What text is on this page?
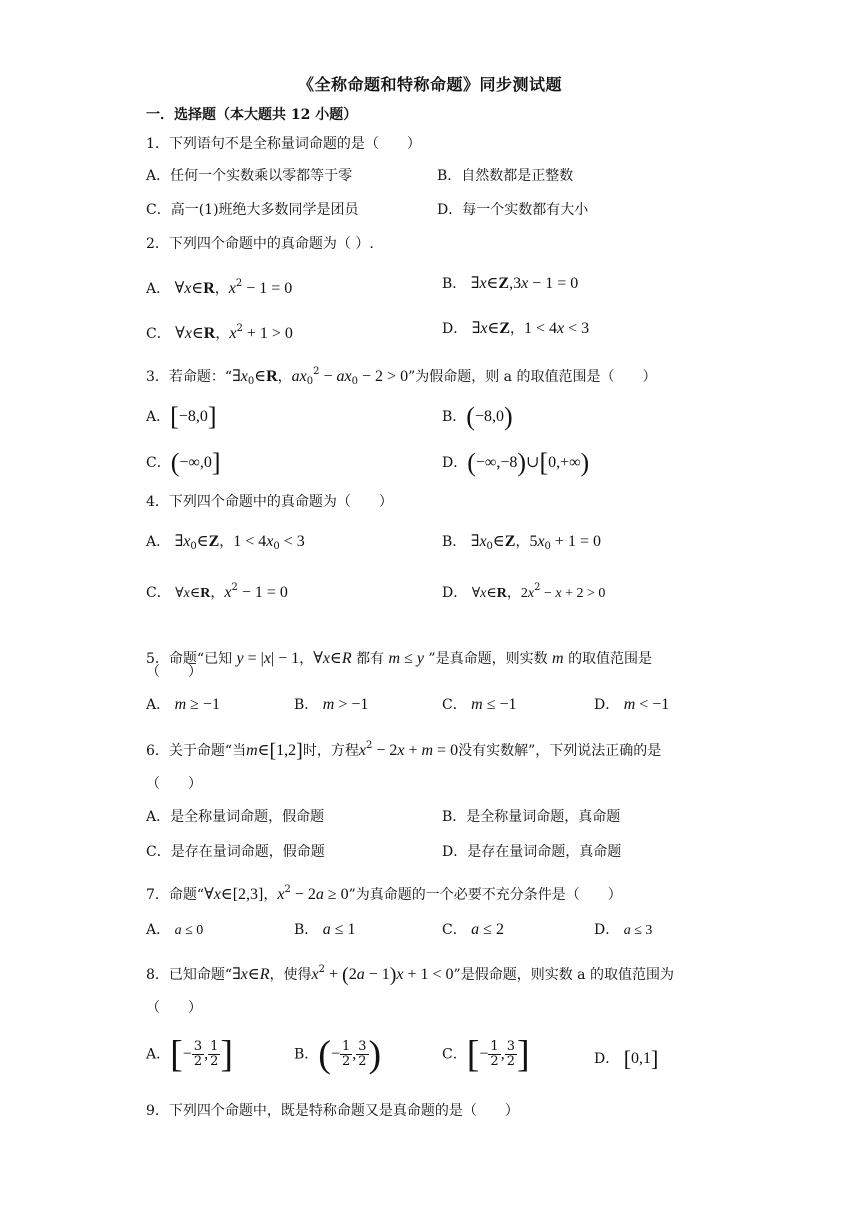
《全称命题和特称命题》同步测试题
一．选择题（本大题共 12 小题）
1．下列语句不是全称量词命题的是（　　）
A．任何一个实数乘以零都等于零	B．自然数都是正整数
C．高一(1)班绝大多数同学是团员	D．每一个实数都有大小
2．下列四个命题中的真命题为（ ）.
A． ∀x∈R，$x^2 - 1 = 0$	B． ∃x∈Z,3x − 1 = 0
C． ∀x∈R，$x^2 + 1 > 0$	D． ∃x∈Z，1 < 4x < 3
3．若命题：“$\exists x_0\in R$，$ax_0^2 - ax_0 - 2 > 0$”为假命题，则 a 的取值范围是（　　）
A．[−8,0]	B．(−8,0)
C．(−∞,0]	D．(−∞,−8)∪[0,+∞)
4．下列四个命题中的真命题为（　　）
A． $\exists x_0\in Z$，$1 < 4x_0 < 3$	B． $\exists x_0\in Z$，$5x_0 + 1 = 0$
C． ∀x∈R，$x^2 - 1 = 0$	D． ∀x∈R，$2x^2 - x + 2 > 0$
5．命题“已知 y = |x| − 1，∀x∈R 都有 m ≤ y ”是真命题，则实数 m 的取值范围是
（　　）
A． m ≥ −1	B． m > −1	C． m ≤ −1	D． m < −1
6．关于命题“当m∈[1,2]时，方程$x^2 - 2x + m = 0$没有实数解”，下列说法正确的是
（　　）
A．是全称量词命题，假命题	B．是全称量词命题，真命题
C．是存在量词命题，假命题	D．是存在量词命题，真命题
7．命题“∀x∈[2,3]，$x^2 - 2a \ge 0$”为真命题的一个必要不充分条件是（　　）
A． a ≤ 0	B． a ≤ 1	C． a ≤ 2	D． a ≤ 3
8．已知命题“∃x∈R，使得$x^2 + (2a - 1)x + 1 < 0$”是假命题，则实数 a 的取值范围为
（　　）
A．[− $\frac{3}{2}$ , $\frac{1}{2}$ ]	B．(− $\frac{1}{2}$ , $\frac{3}{2}$ )	C．[− $\frac{1}{2}$ , $\frac{3}{2}$ ]	D． [0,1]
9．下列四个命题中，既是特称命题又是真命题的是（　　）
